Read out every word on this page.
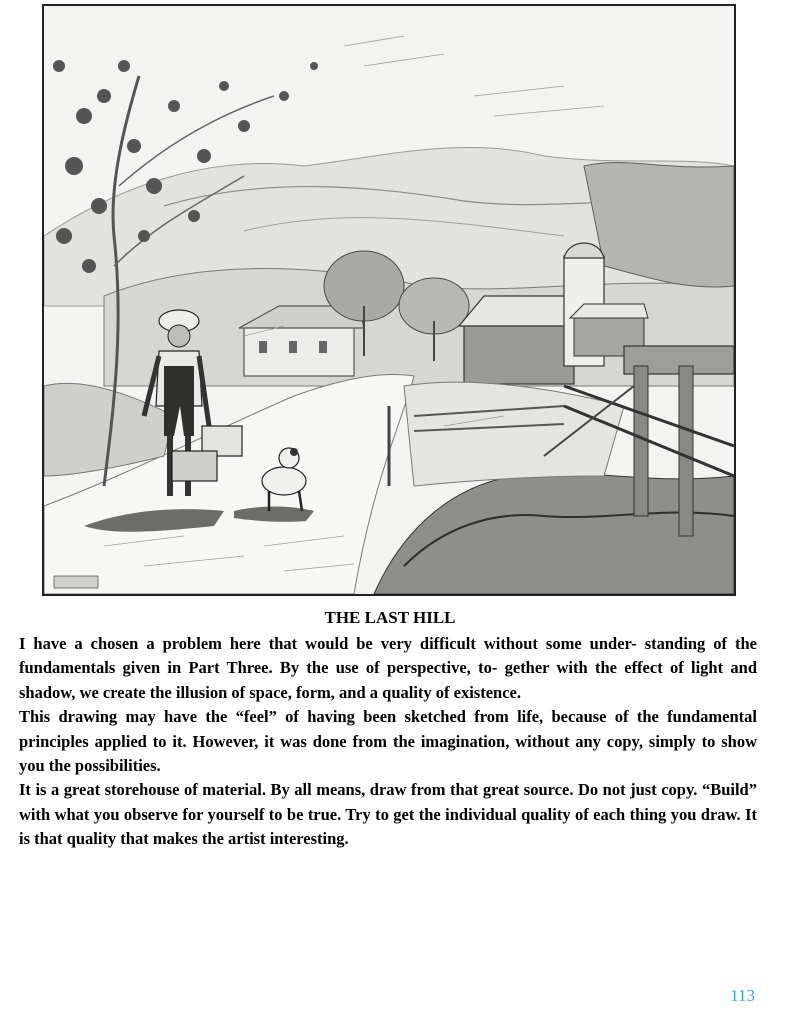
THE LAST HILL

I have a chosen a problem here that would be very difficult without some under- standing of the fundamentals given in Part Three. By the use of perspective, to- gether with the effect of light and shadow, we create the illusion of space, form, and a quality of existence.

This drawing may have the “feel” of having been sketched from life, because of the fundamental principles applied to it. However, it was done from the imagination, without any copy, simply to show you the possibilities.

It is a great storehouse of material. By all means, draw from that great source. Do not just copy. “Build” with what you observe for yourself to be true. Try to get the individual quality of each thing you draw. It is that quality that makes the artist interesting.

113
